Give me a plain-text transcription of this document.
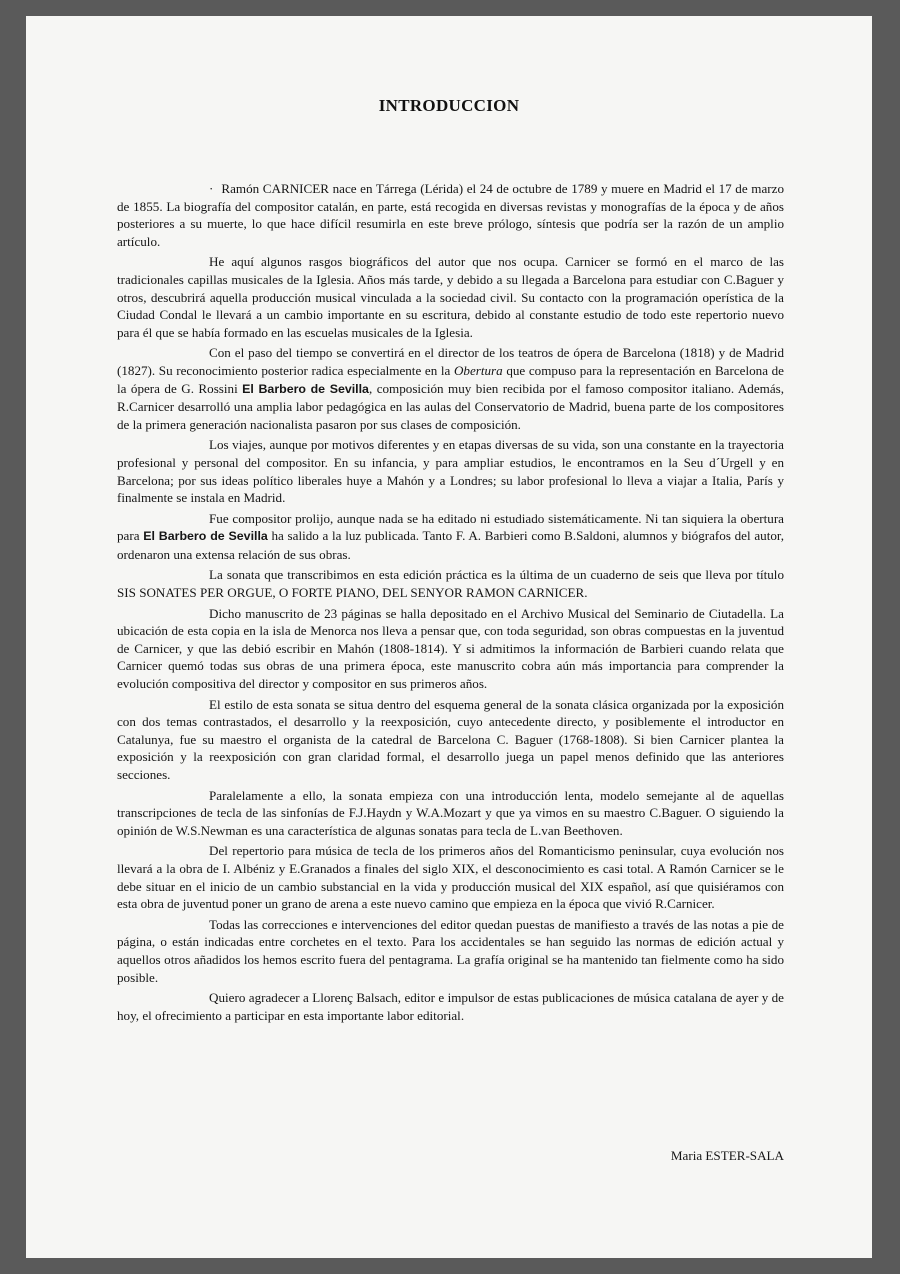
INTRODUCCION

· Ramón CARNICER nace en Tárrega (Lérida) el 24 de octubre de 1789 y muere en Madrid el 17 de marzo de 1855. La biografía del compositor catalán, en parte, está recogida en diversas revistas y monografías de la época y de años posteriores a su muerte, lo que hace difícil resumirla en este breve prólogo, síntesis que podría ser la razón de un amplio artículo.

He aquí algunos rasgos biográficos del autor que nos ocupa. Carnicer se formó en el marco de las tradicionales capillas musicales de la Iglesia. Años más tarde, y debido a su llegada a Barcelona para estudiar con C.Baguer y otros, descubrirá aquella producción musical vinculada a la sociedad civil. Su contacto con la programación operística de la Ciudad Condal le llevará a un cambio importante en su escritura, debido al constante estudio de todo este repertorio nuevo para él que se había formado en las escuelas musicales de la Iglesia.

Con el paso del tiempo se convertirá en el director de los teatros de ópera de Barcelona (1818) y de Madrid (1827). Su reconocimiento posterior radica especialmente en la Obertura que compuso para la representación en Barcelona de la ópera de G. Rossini El Barbero de Sevilla, composición muy bien recibida por el famoso compositor italiano. Además, R.Carnicer desarrolló una amplia labor pedagógica en las aulas del Conservatorio de Madrid, buena parte de los compositores de la primera generación nacionalista pasaron por sus clases de composición.

Los viajes, aunque por motivos diferentes y en etapas diversas de su vida, son una constante en la trayectoria profesional y personal del compositor. En su infancia, y para ampliar estudios, le encontramos en la Seu d´Urgell y en Barcelona; por sus ideas político liberales huye a Mahón y a Londres; su labor profesional lo lleva a viajar a Italia, París y finalmente se instala en Madrid.

Fue compositor prolijo, aunque nada se ha editado ni estudiado sistemáticamente. Ni tan siquiera la obertura para El Barbero de Sevilla ha salido a la luz publicada. Tanto F. A. Barbieri como B.Saldoni, alumnos y biógrafos del autor, ordenaron una extensa relación de sus obras.

La sonata que transcribimos en esta edición práctica es la última de un cuaderno de seis que lleva por título SIS SONATES PER ORGUE, O FORTE PIANO, DEL SENYOR RAMON CARNICER.

Dicho manuscrito de 23 páginas se halla depositado en el Archivo Musical del Seminario de Ciutadella. La ubicación de esta copia en la isla de Menorca nos lleva a pensar que, con toda seguridad, son obras compuestas en la juventud de Carnicer, y que las debió escribir en Mahón (1808-1814). Y si admitimos la información de Barbieri cuando relata que Carnicer quemó todas sus obras de una primera época, este manuscrito cobra aún más importancia para comprender la evolución compositiva del director y compositor en sus primeros años.

El estilo de esta sonata se situa dentro del esquema general de la sonata clásica organizada por la exposición con dos temas contrastados, el desarrollo y la reexposición, cuyo antecedente directo, y posiblemente el introductor en Catalunya, fue su maestro el organista de la catedral de Barcelona C. Baguer (1768-1808). Si bien Carnicer plantea la exposición y la reexposición con gran claridad formal, el desarrollo juega un papel menos definido que las anteriores secciones.

Paralelamente a ello, la sonata empieza con una introducción lenta, modelo semejante al de aquellas transcripciones de tecla de las sinfonías de F.J.Haydn y W.A.Mozart y que ya vimos en su maestro C.Baguer. O siguiendo la opinión de W.S.Newman es una característica de algunas sonatas para tecla de L.van Beethoven.

Del repertorio para música de tecla de los primeros años del Romanticismo peninsular, cuya evolución nos llevará a la obra de I. Albéniz y E.Granados a finales del siglo XIX, el desconocimiento es casi total. A Ramón Carnicer se le debe situar en el inicio de un cambio substancial en la vida y producción musical del XIX español, así que quisiéramos con esta obra de juventud poner un grano de arena a este nuevo camino que empieza en la época que vivió R.Carnicer.

Todas las correcciones e intervenciones del editor quedan puestas de manifiesto a través de las notas a pie de página, o están indicadas entre corchetes en el texto. Para los accidentales se han seguido las normas de edición actual y aquellos otros añadidos los hemos escrito fuera del pentagrama. La grafía original se ha mantenido tan fielmente como ha sido posible.

Quiero agradecer a Llorenç Balsach, editor e impulsor de estas publicaciones de música catalana de ayer y de hoy, el ofrecimiento a participar en esta importante labor editorial.

Maria ESTER-SALA
